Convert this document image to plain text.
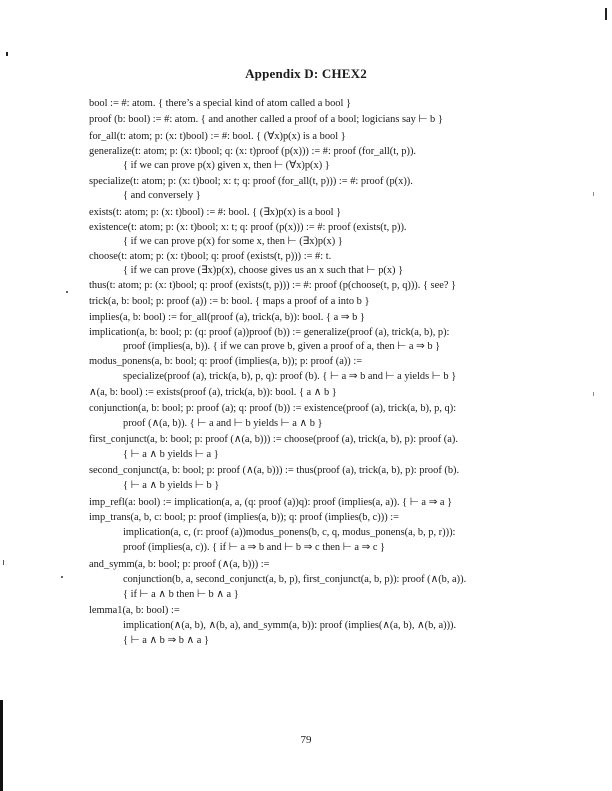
Appendix D: CHEX2
bool := #: atom. { there’s a special kind of atom called a bool }
proof (b: bool) := #: atom. { and another called a proof of a bool; logicians say ⊢ b }
for_all(t: atom; p: (x: t)bool) := #: bool. { (∀x)p(x) is a bool }
generalize(t: atom; p: (x: t)bool; q: (x: t)proof (p(x))) := #: proof (for_all(t, p)).
{ if we can prove p(x) given x, then ⊢ (∀x)p(x) }
specialize(t: atom; p: (x: t)bool; x: t; q: proof (for_all(t, p))) := #: proof (p(x)).
{ and conversely }
exists(t: atom; p: (x: t)bool) := #: bool. { (∃x)p(x) is a bool }
existence(t: atom; p: (x: t)bool; x: t; q: proof (p(x))) := #: proof (exists(t, p)).
{ if we can prove p(x) for some x, then ⊢ (∃x)p(x) }
choose(t: atom; p: (x: t)bool; q: proof (exists(t, p))) := #: t.
{ if we can prove (∃x)p(x), choose gives us an x such that ⊢ p(x) }
thus(t: atom; p: (x: t)bool; q: proof (exists(t, p))) := #: proof (p(choose(t, p, q))). { see? }
trick(a, b: bool; p: proof (a)) := b: bool. { maps a proof of a into b }
implies(a, b: bool) := for_all(proof (a), trick(a, b)): bool. { a ⇒ b }
implication(a, b: bool; p: (q: proof (a))proof (b)) := generalize(proof (a), trick(a, b), p):
proof (implies(a, b)). { if we can prove b, given a proof of a, then ⊢ a ⇒ b }
modus_ponens(a, b: bool; q: proof (implies(a, b)); p: proof (a)) :=
specialize(proof (a), trick(a, b), p, q): proof (b). { ⊢ a ⇒ b and ⊢ a yields ⊢ b }
∧(a, b: bool) := exists(proof (a), trick(a, b)): bool. { a ∧ b }
conjunction(a, b: bool; p: proof (a); q: proof (b)) := existence(proof (a), trick(a, b), p, q):
proof (∧(a, b)). { ⊢ a and ⊢ b yields ⊢ a ∧ b }
first_conjunct(a, b: bool; p: proof (∧(a, b))) := choose(proof (a), trick(a, b), p): proof (a).
{ ⊢ a ∧ b yields ⊢ a }
second_conjunct(a, b: bool; p: proof (∧(a, b))) := thus(proof (a), trick(a, b), p): proof (b).
{ ⊢ a ∧ b yields ⊢ b }
imp_refl(a: bool) := implication(a, a, (q: proof (a))q): proof (implies(a, a)). { ⊢ a ⇒ a }
imp_trans(a, b, c: bool; p: proof (implies(a, b)); q: proof (implies(b, c))) :=
implication(a, c, (r: proof (a))modus_ponens(b, c, q, modus_ponens(a, b, p, r))):
proof (implies(a, c)). { if ⊢ a ⇒ b and ⊢ b ⇒ c then ⊢ a ⇒ c }
and_symm(a, b: bool; p: proof (∧(a, b))) :=
conjunction(b, a, second_conjunct(a, b, p), first_conjunct(a, b, p)): proof (∧(b, a)).
{ if ⊢ a ∧ b then ⊢ b ∧ a }
lemma1(a, b: bool) :=
implication(∧(a, b), ∧(b, a), and_symm(a, b)): proof (implies(∧(a, b), ∧(b, a))).
{ ⊢ a ∧ b ⇒ b ∧ a }
79
